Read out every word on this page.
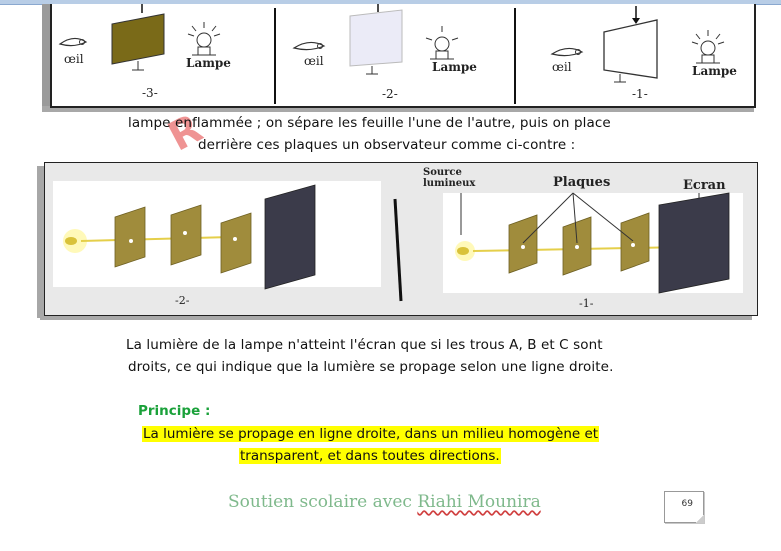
œil	Lampe
-3-
œil	Lampe
-2-
œil	Lampe
-1-
R
lampe enflammée ; on sépare les feuille l'une de l'autre, puis on place
derrière ces plaques un observateur comme ci-contre :
Source
lumineux	Plaques	Ecran
-2-	-1-
La lumière de la lampe n'atteint l'écran que si les trous A, B et C sont
droits, ce qui indique que la lumière se propage selon une ligne droite.
Principe :
La lumière se propage en ligne droite, dans un milieu homogène et
transparent, et dans toutes directions.
Soutien scolaire avec Riahi Mounira	69
